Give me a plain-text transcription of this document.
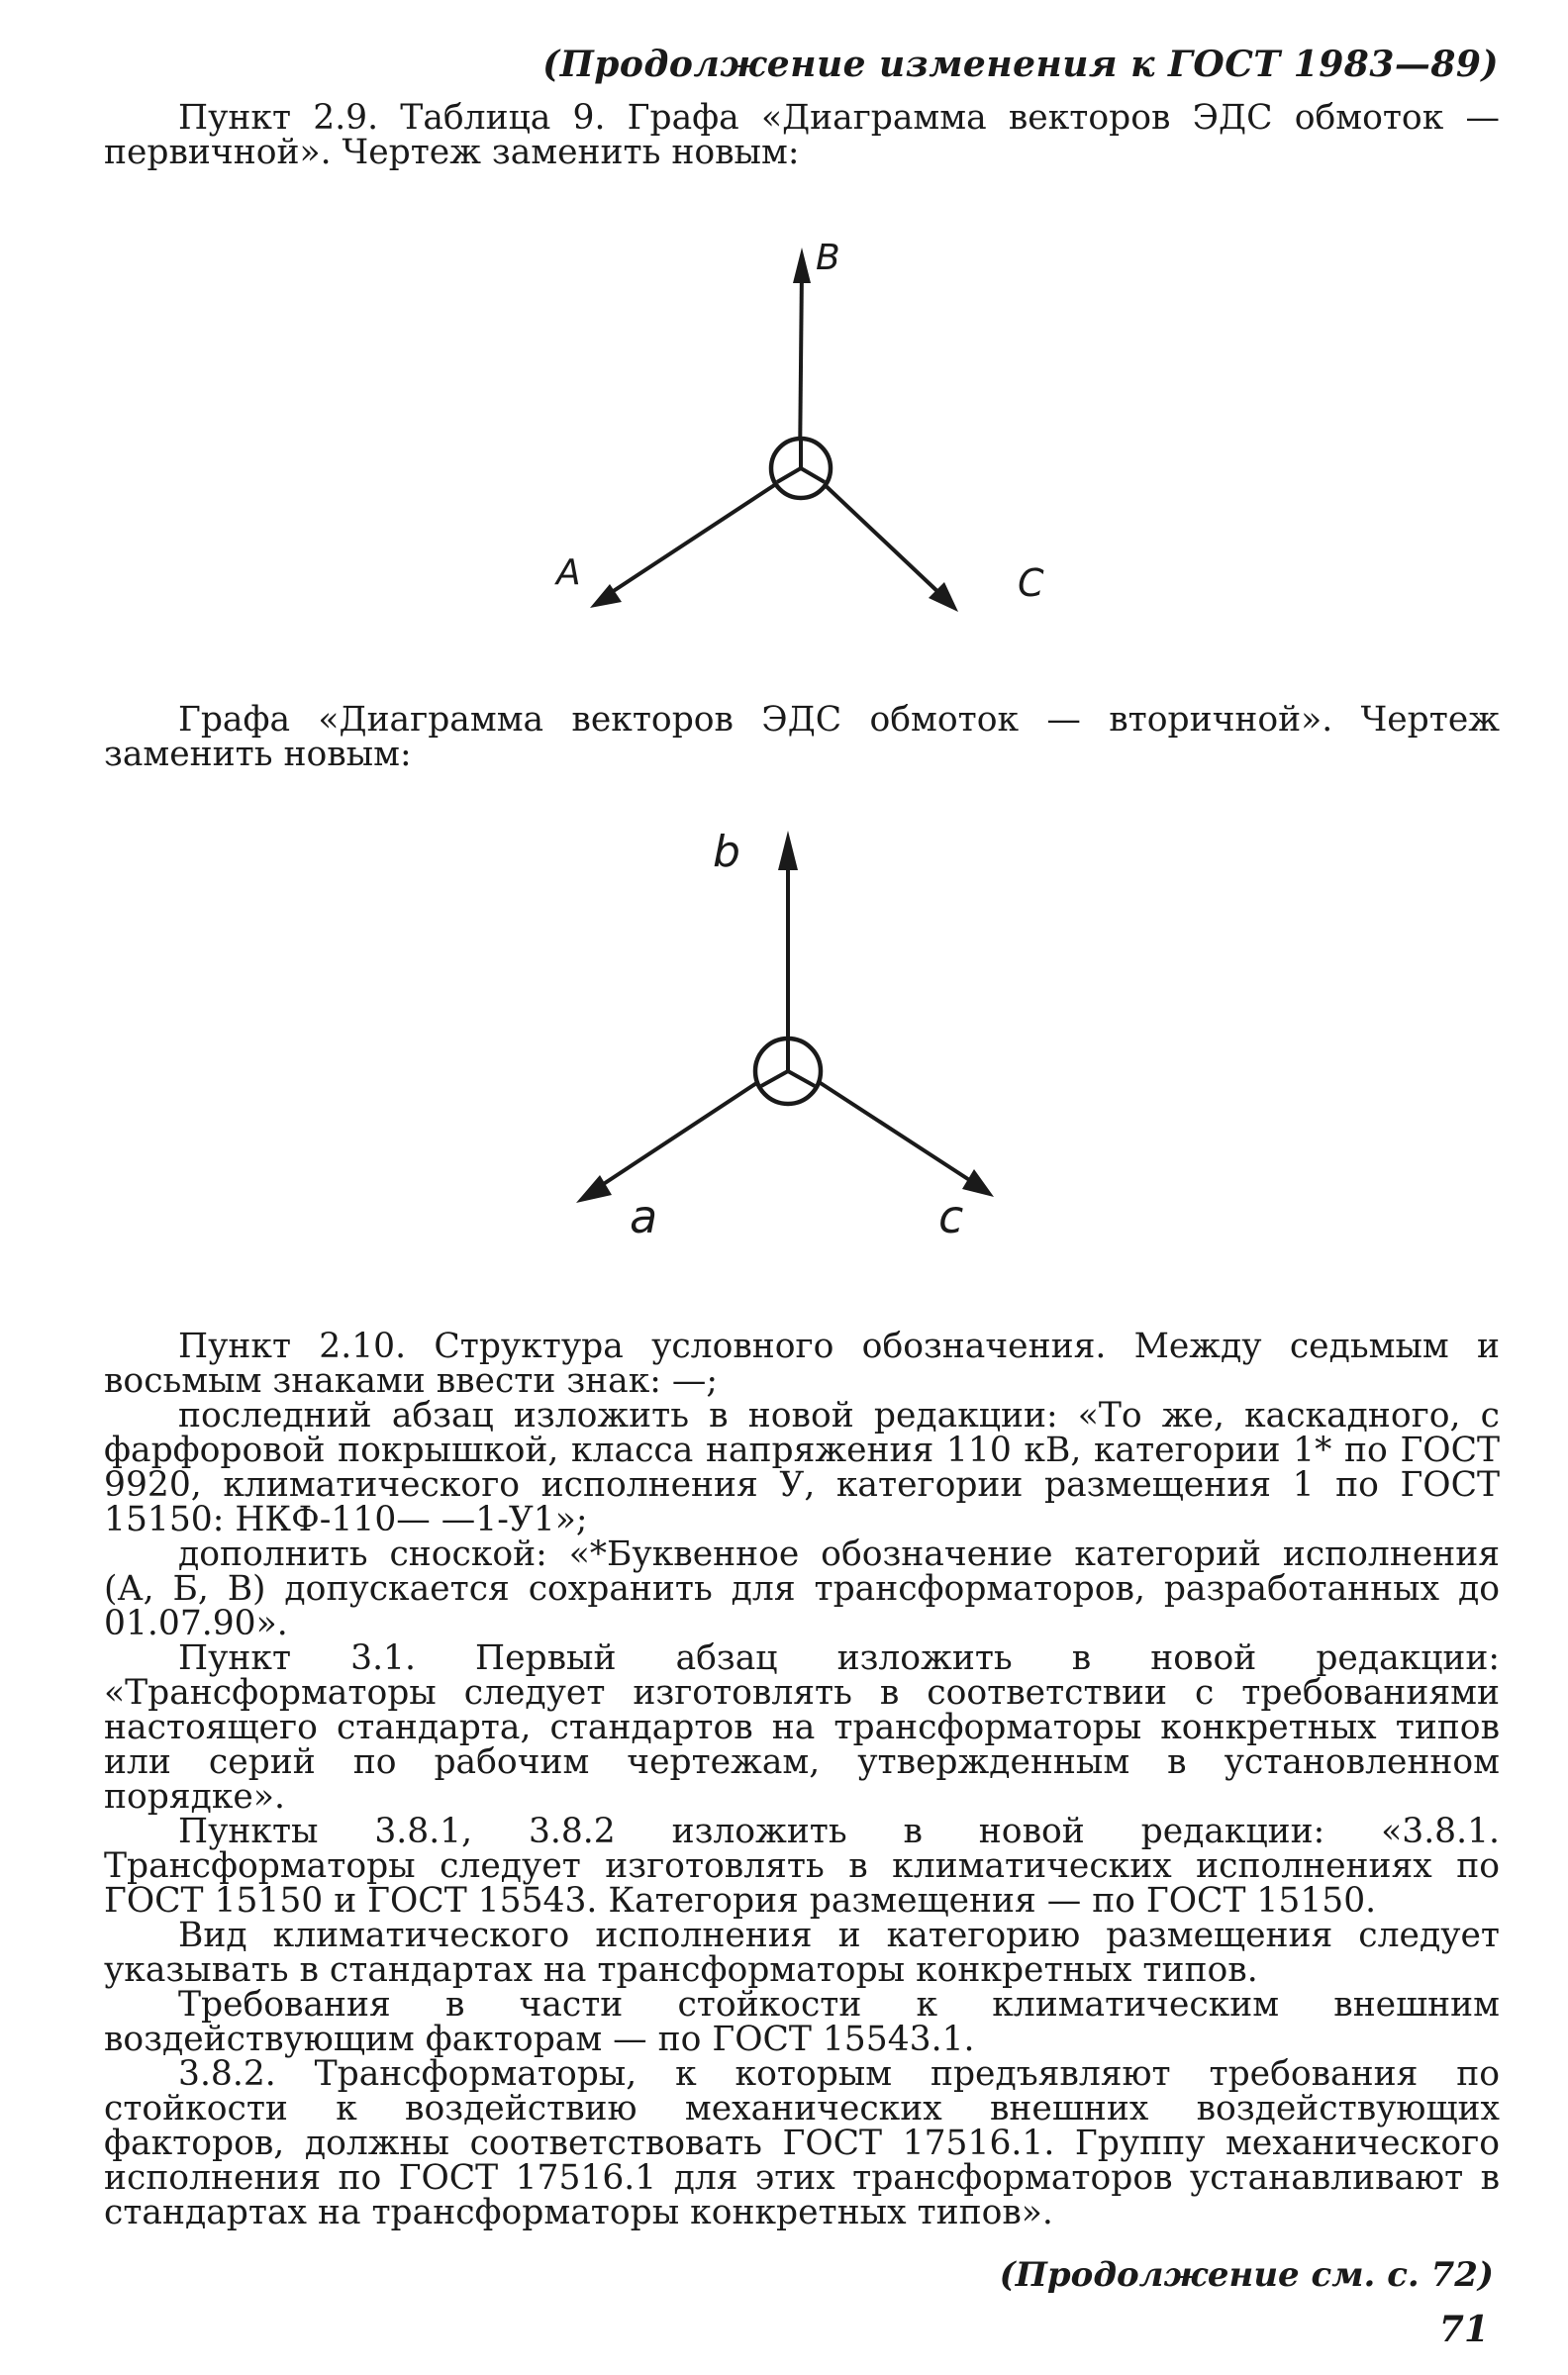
(Продолжение изменения к ГОСТ 1983—89)

Пункт 2.9. Таблица 9. Графа «Диаграмма векторов ЭДС обмоток — первичной». Чертеж заменить новым:

B
A	C

Графа «Диаграмма векторов ЭДС обмоток — вторичной». Чертеж заменить новым:

b
a	c

Пункт 2.10. Структура условного обозначения. Между седьмым и восьмым знаками ввести знак: —;

последний абзац изложить в новой редакции: «То же, каскадного, с фарфоровой покрышкой, класса напряжения 110 кВ, категории 1* по ГОСТ 9920, климатического исполнения У, категории размещения 1 по ГОСТ 15150: НКФ-110— —1-У1»;

дополнить сноской: «*Буквенное обозначение категорий исполнения (А, Б, В) допускается сохранить для трансформаторов, разработанных до 01.07.90».

Пункт 3.1. Первый абзац изложить в новой редакции: «Трансформаторы следует изготовлять в соответствии с требованиями настоящего стандарта, стандартов на трансформаторы конкретных типов или серий по рабочим чертежам, утвержденным в установленном порядке».

Пункты 3.8.1, 3.8.2 изложить в новой редакции: «3.8.1. Трансформаторы следует изготовлять в климатических исполнениях по ГОСТ 15150 и ГОСТ 15543. Категория размещения — по ГОСТ 15150.

Вид климатического исполнения и категорию размещения следует указывать в стандартах на трансформаторы конкретных типов.

Требования в части стойкости к климатическим внешним воздействующим факторам — по ГОСТ 15543.1.

3.8.2. Трансформаторы, к которым предъявляют требования по стойкости к воздействию механических внешних воздействующих факторов, должны соответствовать ГОСТ 17516.1. Группу механического исполнения по ГОСТ 17516.1 для этих трансформаторов устанавливают в стандартах на трансформаторы конкретных типов».

(Продолжение см. с. 72)
71
